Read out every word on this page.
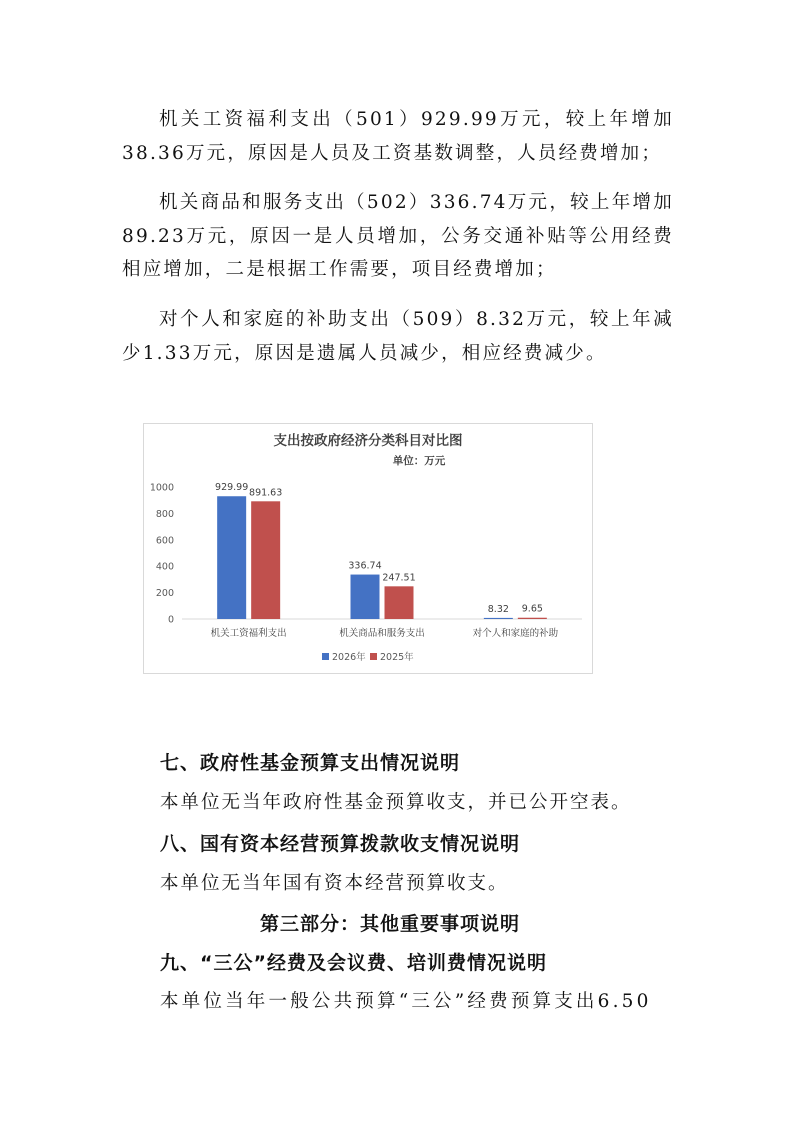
机关工资福利支出（501）929.99万元，较上年增加38.36万元，原因是人员及工资基数调整，人员经费增加；
机关商品和服务支出（502）336.74万元，较上年增加89.23万元，原因一是人员增加，公务交通补贴等公用经费相应增加，二是根据工作需要，项目经费增加；
对个人和家庭的补助支出（509）8.32万元，较上年减少1.33万元，原因是遗属人员减少，相应经费减少。
支出按政府经济分类科目对比图
单位：万元
0
200
400
600
800
1000	929.99 891.63
机关工资福利支出
336.74
247.51
机关商品和服务支出
8.32 9.65
对个人和家庭的补助
2026年 2025年
七、政府性基金预算支出情况说明
本单位无当年政府性基金预算收支，并已公开空表。
八、国有资本经营预算拨款收支情况说明
本单位无当年国有资本经营预算收支。
第三部分：其他重要事项说明
九、“三公”经费及会议费、培训费情况说明
本单位当年一般公共预算“三公”经费预算支出6.50
